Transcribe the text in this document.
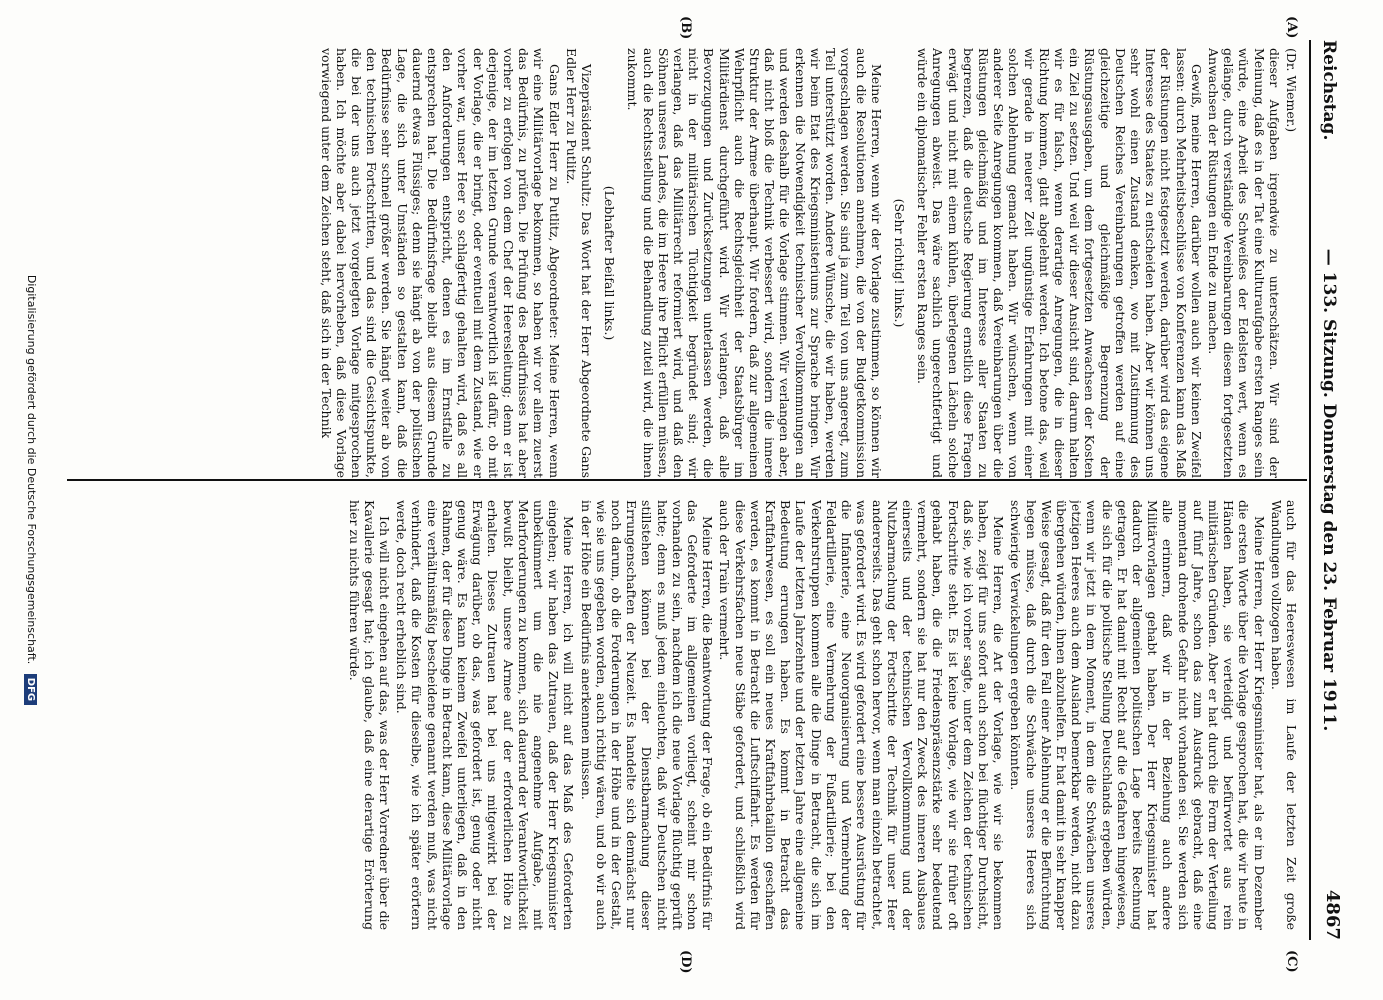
Reichstag.
— 133. Sitzung. Donnerstag den 23. Februar 1911.
4867
(A)
(B)
(C)
(D)

(Dr. Wiemer.)

dieser Aufgaben irgendwie zu unterschätzen. Wir sind der Meinung, daß es in der Tat eine Kulturaufgabe ersten Ranges sein würde, eine Arbeit des Schweißes der Edelsten wert, wenn es gelänge, durch verständige Vereinbarungen diesem fortgesetzten Anwachsen der Rüstungen ein Ende zu machen.

Gewiß, meine Herren, darüber wollen auch wir keinen Zweifel lassen: durch Mehrheitsbeschlüsse von Konferenzen kann das Maß der Rüstungen nicht festgesetzt werden, darüber wird das eigene Interesse des Staates zu entscheiden haben. Aber wir können uns sehr wohl einen Zustand denken, wo mit Zustimmung des Deutschen Reiches Vereinbarungen getroffen werden auf eine gleichzeitige und gleichmäßige Begrenzung der Rüstungsausgaben, um dem fortgesetzten Anwachsen der Kosten ein Ziel zu setzen. Und weil wir dieser Ansicht sind, darum halten wir es für falsch, wenn derartige Anregungen, die in dieser Richtung kommen, glatt abgelehnt werden. Ich betone das, weil wir gerade in neuerer Zeit ungünstige Erfahrungen mit einer solchen Ablehnung gemacht haben. Wir wünschen, wenn von anderer Seite Anregungen kommen, daß Vereinbarungen über die Rüstungen gleichmäßig und im Interesse aller Staaten zu begrenzen, daß die deutsche Regierung ernstlich diese Fragen erwägt und nicht mit einem kühlen, überlegenen Lächeln solche Anregungen abweist. Das wäre sachlich ungerechtfertigt und würde ein diplomatischer Fehler ersten Ranges sein.

(Sehr richtig! links.)

Meine Herren, wenn wir der Vorlage zustimmen, so können wir auch die Resolutionen annehmen, die von der Budgetkommission vorgeschlagen werden. Sie sind ja zum Teil von uns angeregt, zum Teil unterstützt worden. Andere Wünsche, die wir haben, werden wir beim Etat des Kriegsministeriums zur Sprache bringen. Wir erkennen die Notwendigkeit technischer Vervollkommnungen an und werden deshalb für die Vorlage stimmen. Wir verlangen aber, daß nicht bloß die Technik verbessert wird, sondern die innere Struktur der Armee überhaupt. Wir fordern, daß zur allgemeinen Wehrpflicht auch die Rechtsgleichheit der Staatsbürger im Militärdienst durchgeführt wird. Wir verlangen, daß alle Bevorzugungen und Zurücksetzungen unterlassen werden, die nicht in der militärischen Tüchtigkeit begründet sind; wir verlangen, daß das Militärrecht reformiert wird, und daß den Söhnen unseres Landes, die im Heere ihre Pflicht erfüllen müssen, auch die Rechtsstellung und die Behandlung zuteil wird, die ihnen zukommt.

(Lebhafter Beifall links.)

Vizepräsident Schultz: Das Wort hat der Herr Abgeordnete Gans Edler Herr zu Putlitz.

Gans Edler Herr zu Putlitz, Abgeordneter: Meine Herren, wenn wir eine Militärvorlage bekommen, so haben wir vor allem zuerst das Bedürfnis, zu prüfen. Die Prüfung des Bedürfnisses hat aber vorher zu erfolgen von dem Chef der Heeresleitung; denn er ist derjenige, der im letzten Grunde verantwortlich ist dafür, ob mit der Vorlage, die er bringt, oder eventuell mit dem Zustand, wie er vorher war, unser Heer so schlagfertig gehalten wird, daß es all den Anforderungen entspricht, denen es im Ernstfalle zu entsprechen hat. Die Bedürfnisfrage bleibt aus diesem Grunde dauernd etwas Flüssiges; denn sie hängt ab von der politischen Lage, die sich unter Umständen so gestalten kann, daß die Bedürfnisse sehr schnell größer werden. Sie hängt weiter ab von den technischen Fortschritten, und das sind die Gesichtspunkte, die bei der uns auch jetzt vorgelegten Vorlage mitgesprochen haben. Ich möchte aber dabei hervorheben, daß diese Vorlage vorwiegend unter dem Zeichen steht, daß sich in der Technik

auch für das Heereswesen im Laufe der letzten Zeit große Wandlungen vollzogen haben.

Meine Herren, der Herr Kriegsminister hat, als er im Dezember die ersten Worte über die Vorlage gesprochen hat, die wir heute in Händen haben, sie verteidigt und befürwortet aus rein militärischen Gründen. Aber er hat durch die Form der Verteilung auf fünf Jahre, schon das zum Ausdruck gebracht, daß eine momentan drohende Gefahr nicht vorhanden sei. Sie werden sich alle erinnern, daß wir in der Beziehung auch andere Militärvorlagen gehabt haben. Der Herr Kriegsminister hat dadurch der allgemeinen politischen Lage bereits Rechnung getragen. Er hat damit mit Recht auf die Gefahren hingewiesen, die sich für die politische Stellung Deutschlands ergeben würden, wenn wir jetzt in dem Moment, in dem die Schwächen unseres jetzigen Heeres auch dem Ausland bemerkbar werden, nicht dazu übergehen würden, ihnen abzuhelfen. Er hat damit in sehr knapper Weise gesagt, daß für den Fall einer Ablehnung er die Befürchtung hegen müsse, daß durch die Schwäche unseres Heeres sich schwierige Verwickelungen ergeben könnten.

Meine Herren, die Art der Vorlage, wie wir sie bekommen haben, zeigt für uns sofort auch schon bei flüchtiger Durchsicht, daß sie, wie ich vorher sagte, unter dem Zeichen der technischen Fortschritte steht. Es ist keine Vorlage, wie wir sie früher oft gehabt haben, die die Friedenspräsenzstärke sehr bedeutend vermehrt, sondern sie hat nur den Zweck des inneren Ausbaues einerseits und der technischen Vervollkommnung und der Nutzbarmachung der Fortschritte der Technik für unser Heer andererseits. Das geht schon hervor, wenn man einzeln betrachtet, was gefordert wird. Es wird gefordert eine bessere Ausrüstung für die Infanterie, eine Neuorganisierung und Vermehrung der Feldartillerie, eine Vermehrung der Fußartillerie; bei den Verkehrstruppen kommen alle die Dinge in Betracht, die sich im Laufe der letzten Jahrzehnte und der letzten Jahre eine allgemeine Bedeutung errungen haben. Es kommt in Betracht das Kraftfahrwesen, es soll ein neues Kraftfahrbataillon geschaffen werden, es kommt in Betracht die Luftschiffahrt. Es werden für diese Verkehrsfachen neue Stäbe gefordert, und schließlich wird auch der Train vermehrt.

Meine Herren, die Beantwortung der Frage, ob ein Bedürfnis für das Geforderte im allgemeinen vorliegt, scheint mir schon vorhanden zu sein, nachdem ich die neue Vorlage flüchtig geprüft hatte; denn es muß jedem einleuchten, daß wir Deutschen nicht stillstehen können bei der Dienstbarmachung dieser Errungenschaften der Neuzeit. Es handelte sich demnächst nur noch darum, ob die Forderungen in der Höhe und in der Gestalt, wie sie uns gegeben worden, auch richtig wären, und ob wir auch in der Höhe ein Bedürfnis anerkennen müssen.

Meine Herren, ich will nicht auf das Maß des Geforderten eingehen; wir haben das Zutrauen, daß der Herr Kriegsminister unbekümmert um die nie angenehme Aufgabe, mit Mehrforderungen zu kommen, sich dauernd der Verantwortlichkeit bewußt bleibt, unsere Armee auf der erforderlichen Höhe zu erhalten. Dieses Zutrauen hat bei uns mitgewirkt bei der Erwägung darüber, ob das, was gefordert ist, genug oder nicht genug wäre. Es kann keinem Zweifel unterliegen, daß in den Rahmen, der für diese Dinge in Betracht kann, diese Militärvorlage eine verhältnismäßig bescheidene genannt werden muß, was nicht verhindert, daß die Kosten für dieselbe, wie ich später erörtern werde, doch recht erheblich sind.

Ich will nicht eingehen auf das, was der Herr Vorredner über die Kavallerie gesagt hat; ich glaube, daß eine derartige Erörterung hier zu nichts führen würde.

Digitalisierung gefördert durch die Deutsche Forschungsgemeinschaft. DFG
